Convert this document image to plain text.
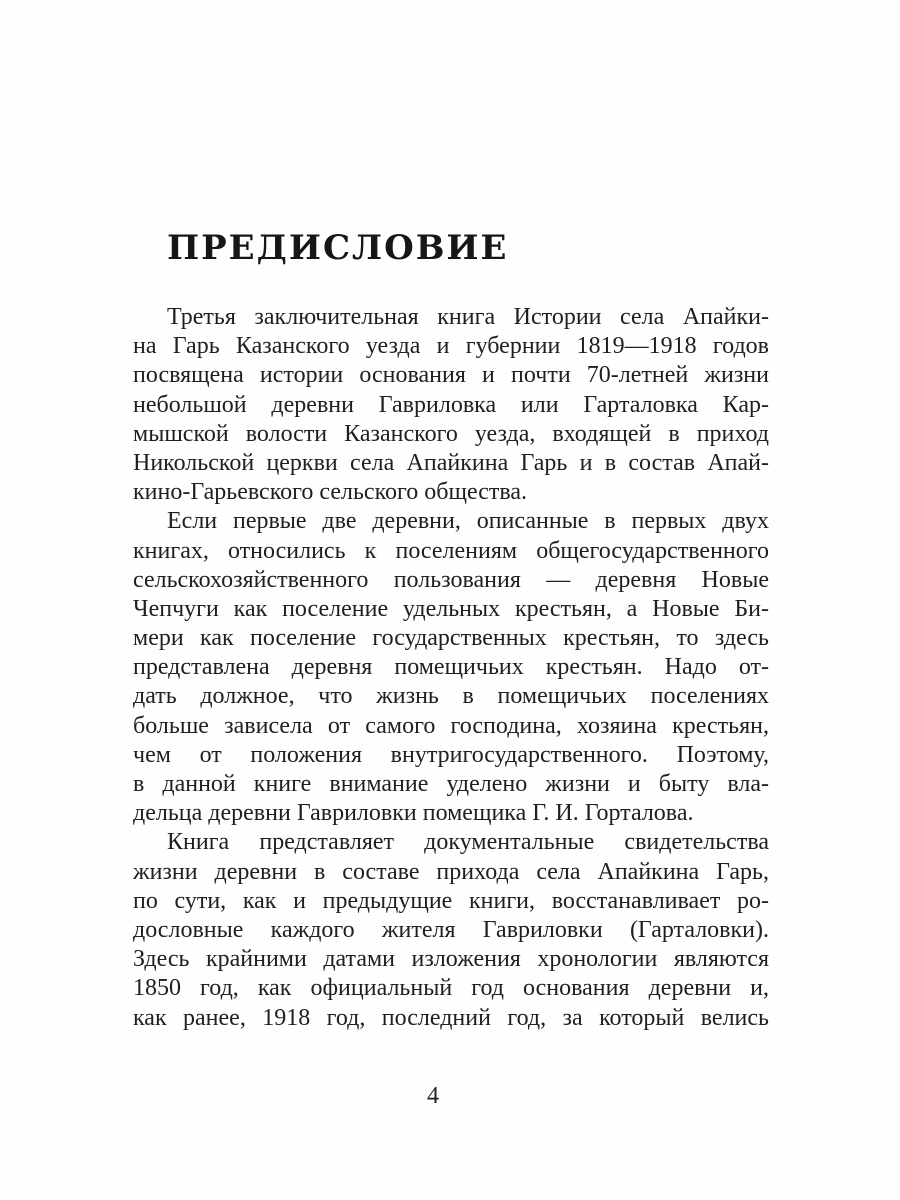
ПРЕДИСЛОВИЕ
Третья заключительная книга Истории села Апайки-
на Гарь Казанского уезда и губернии 1819—1918 годов
посвящена истории основания и почти 70-летней жизни
небольшой деревни Гавриловка или Гарталовка Кар-
мышской волости Казанского уезда, входящей в приход
Никольской церкви села Апайкина Гарь и в состав Апай-
кино-Гарьевского сельского общества.
Если первые две деревни, описанные в первых двух
книгах, относились к поселениям общегосударственного
сельскохозяйственного пользования — деревня Новые
Чепчуги как поселение удельных крестьян, а Новые Би-
мери как поселение государственных крестьян, то здесь
представлена деревня помещичьих крестьян. Надо от-
дать должное, что жизнь в помещичьих поселениях
больше зависела от самого господина, хозяина крестьян,
чем от положения внутригосударственного. Поэтому,
в данной книге внимание уделено жизни и быту вла-
дельца деревни Гавриловки помещика Г. И. Горталова.
Книга представляет документальные свидетельства
жизни деревни в составе прихода села Апайкина Гарь,
по сути, как и предыдущие книги, восстанавливает ро-
дословные каждого жителя Гавриловки (Гарталовки).
Здесь крайними датами изложения хронологии являются
1850 год, как официальный год основания деревни и,
как ранее, 1918 год, последний год, за который велись
4
